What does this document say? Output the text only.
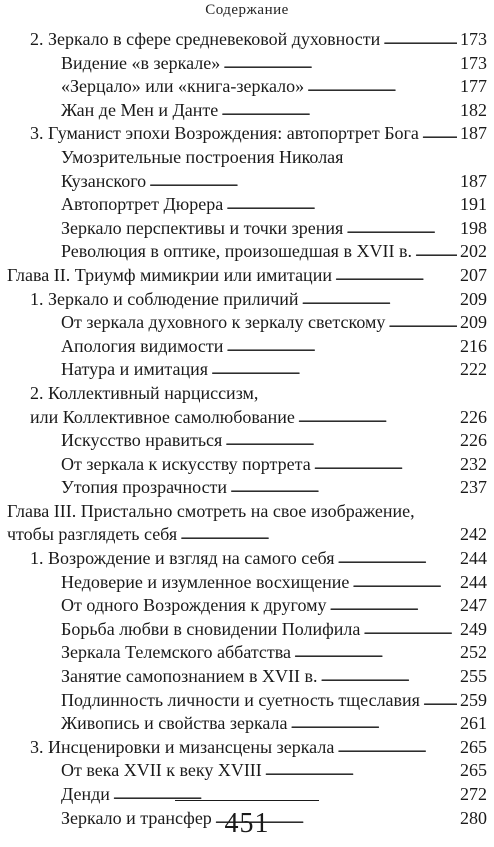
Содержание
2. Зеркало в сфере средневековой духовности . . .	173
Видение «в зеркале» . . .	173
«Зерцало» или «книга-зеркало» . . .	177
Жан де Мен и Данте . . .	182
3. Гуманист эпохи Возрождения: автопортрет Бога . . . 187
Умозрительные построения Николая
Кузанского . . .	187
Автопортрет Дюрера . . .	191
Зеркало перспективы и точки зрения . . .	198
Революция в оптике, произошедшая в XVII в. . . .	202
Глава II. Триумф мимикрии или имитации . . .	207
1. Зеркало и соблюдение приличий . . .	209
От зеркала духовного к зеркалу светскому . . .	209
Апология видимости . . .	216
Натура и имитация . . .	222
2. Коллективный нарциссизм,
или Коллективное самолюбование . . .	226
Искусство нравиться . . .	226
От зеркала к искусству портрета . . .	232
Утопия прозрачности . . .	237
Глава III. Пристально смотреть на свое изображение,
чтобы разглядеть себя . . .	242
1. Возрождение и взгляд на самого себя . . .	244
Недоверие и изумленное восхищение . . .	244
От одного Возрождения к другому . . .	247
Борьба любви в сновидении Полифила . . .	249
Зеркала Телемского аббатства . . .	252
Занятие самопознанием в XVII в. . . .	255
Подлинность личности и суетность тщеславия . . . 259
Живопись и свойства зеркала . . .	261
3. Инсценировки и мизансцены зеркала . . .	265
От века XVII к веку XVIII . . .	265
Денди . . .	272
Зеркало и трансфер . . .	280
451
